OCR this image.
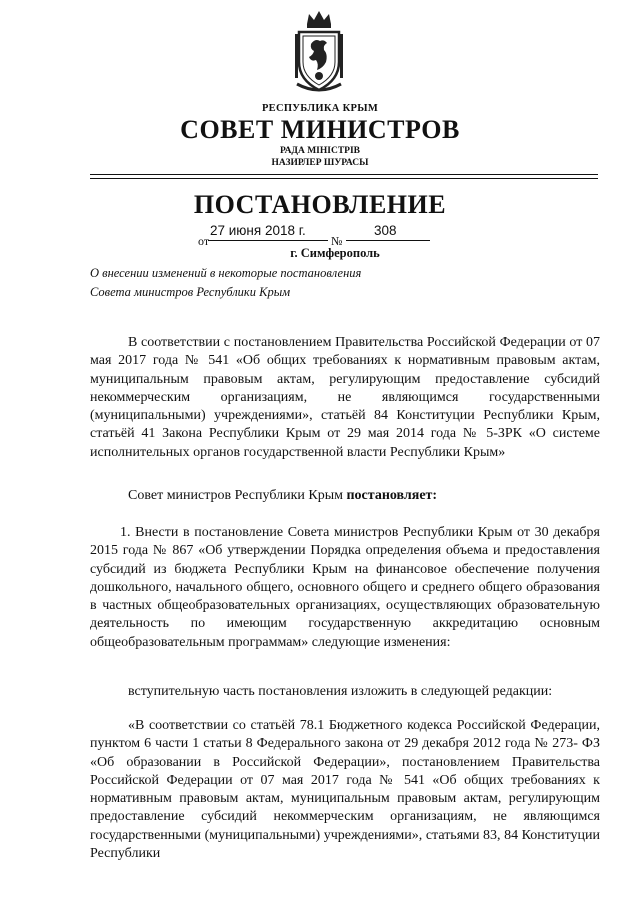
РЕСПУБЛИКА КРЫМ
СОВЕТ МИНИСТРОВ
РАДА МІНІСТРІВ
НАЗИРЛЕР ШУРАСЫ
ПОСТАНОВЛЕНИЕ
от
27 июня 2018 г.
№
308
г. Симферополь
О внесении изменений в некоторые постановления Совета министров Республики Крым
В соответствии с постановлением Правительства Российской Федерации от 07 мая 2017 года № 541 «Об общих требованиях к нормативным правовым актам, муниципальным правовым актам, регулирующим предоставление субсидий некоммерческим организациям, не являющимся государственными (муниципальными) учреждениями», статьёй 84 Конституции Республики Крым, статьёй 41 Закона Республики Крым от 29 мая 2014 года № 5-ЗРК «О системе исполнительных органов государственной власти Республики Крым»
Совет министров Республики Крым постановляет:
1. Внести в постановление Совета министров Республики Крым от 30 декабря 2015 года № 867 «Об утверждении Порядка определения объема и предоставления субсидий из бюджета Республики Крым на финансовое обеспечение получения дошкольного, начального общего, основного общего и среднего общего образования в частных общеобразовательных организациях, осуществляющих образовательную деятельность по имеющим государственную аккредитацию основным общеобразовательным программам» следующие изменения:
вступительную часть постановления изложить в следующей редакции:
«В соответствии со статьёй 78.1 Бюджетного кодекса Российской Федерации, пунктом 6 части 1 статьи 8 Федерального закона от 29 декабря 2012 года № 273- ФЗ «Об образовании в Российской Федерации», постановлением Правительства Российской Федерации от 07 мая 2017 года № 541 «Об общих требованиях к нормативным правовым актам, муниципальным правовым актам, регулирующим предоставление субсидий некоммерческим организациям, не являющимся государственными (муниципальными) учреждениями», статьями 83, 84 Конституции Республики
